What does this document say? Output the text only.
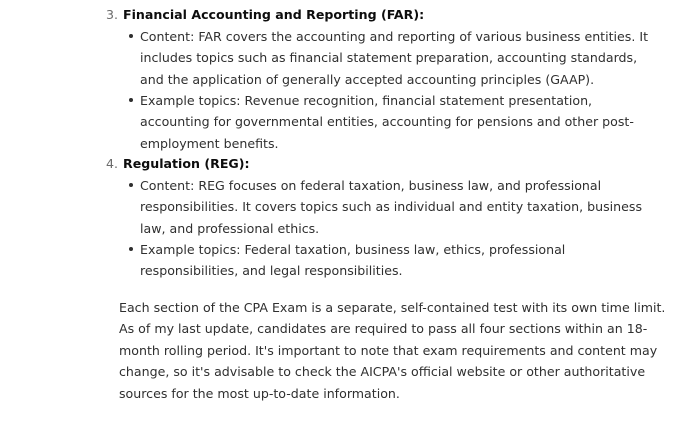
3. Financial Accounting and Reporting (FAR):
Content: FAR covers the accounting and reporting of various business entities. It
includes topics such as financial statement preparation, accounting standards,
and the application of generally accepted accounting principles (GAAP).
Example topics: Revenue recognition, financial statement presentation,
accounting for governmental entities, accounting for pensions and other post-
employment benefits.
4. Regulation (REG):
Content: REG focuses on federal taxation, business law, and professional
responsibilities. It covers topics such as individual and entity taxation, business
law, and professional ethics.
Example topics: Federal taxation, business law, ethics, professional
responsibilities, and legal responsibilities.
Each section of the CPA Exam is a separate, self-contained test with its own time limit.
As of my last update, candidates are required to pass all four sections within an 18-
month rolling period. It's important to note that exam requirements and content may
change, so it's advisable to check the AICPA's official website or other authoritative
sources for the most up-to-date information.
